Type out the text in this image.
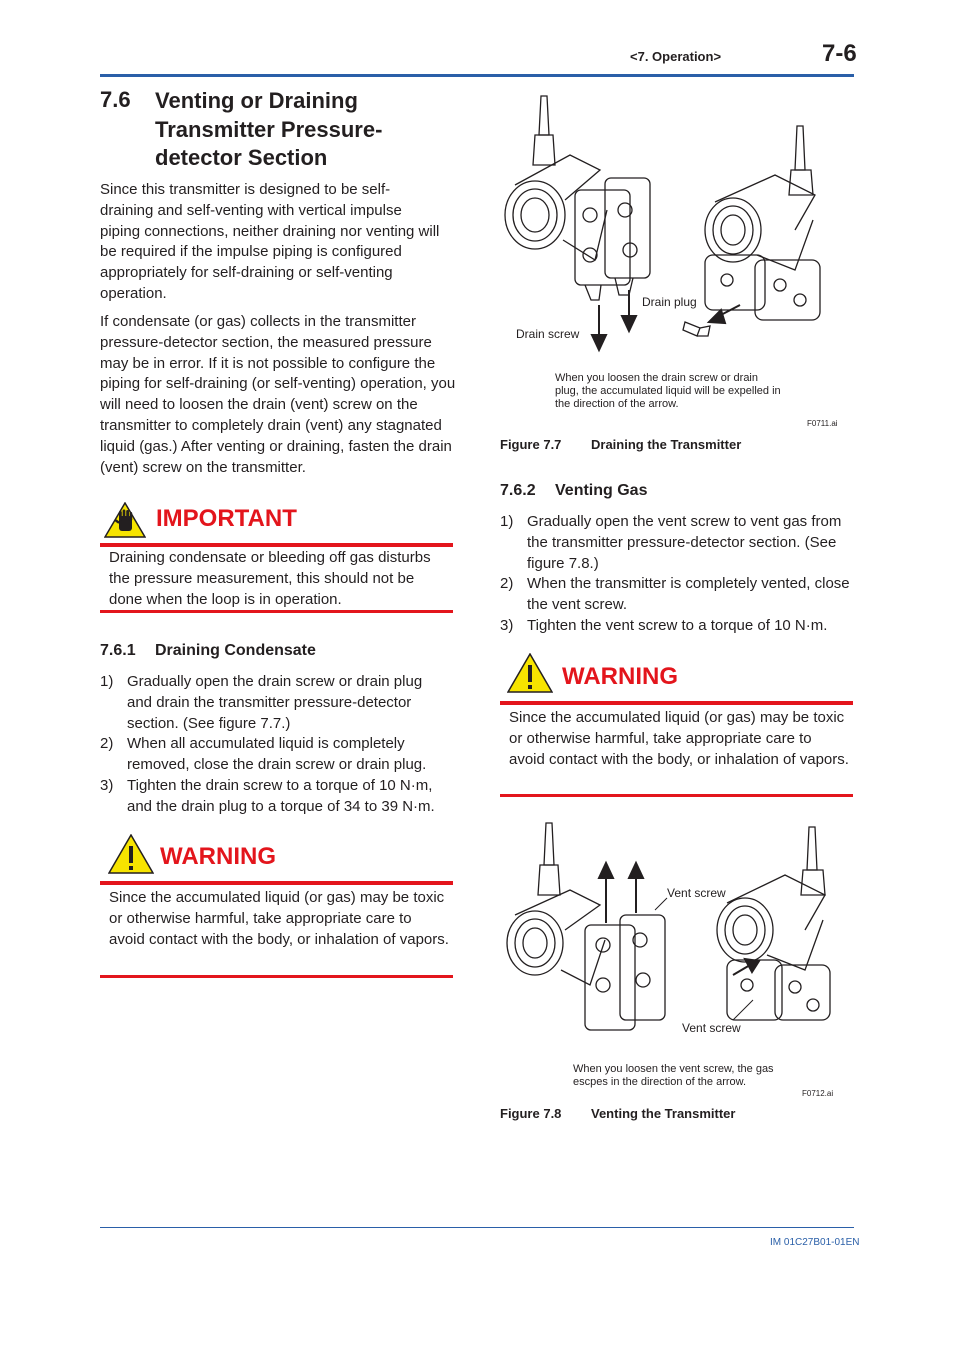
<7. Operation>	7-6
7.6 Venting or Draining
Transmitter Pressure-
detector Section
Since this transmitter is designed to be self-draining and self-venting with vertical impulse piping connections, neither draining nor venting will be required if the impulse piping is configured appropriately for self-draining or self-venting operation.
If condensate (or gas) collects in the transmitter pressure-detector section, the measured pressure may be in error. If it is not possible to configure the piping for self-draining (or self-venting) operation, you will need to loosen the drain (vent) screw on the transmitter to completely drain (vent) any stagnated liquid (gas.) After venting or draining, fasten the drain (vent) screw on the transmitter.
IMPORTANT
Draining condensate or bleeding off gas disturbs the pressure measurement, this should not be done when the loop is in operation.
7.6.1 Draining Condensate
1) Gradually open the drain screw or drain plug and drain the transmitter pressure-detector section. (See figure 7.7.)
2) When all accumulated liquid is completely removed, close the drain screw or drain plug.
3) Tighten the drain screw to a torque of 10 N·m, and the drain plug to a torque of 34 to 39 N·m.
WARNING
Since the accumulated liquid (or gas) may be toxic or otherwise harmful, take appropriate care to avoid contact with the body, or inhalation of vapors.
Drain plug
Drain screw
When you loosen the drain screw or drain plug, the accumulated liquid will be expelled in the direction of the arrow.
F0711.ai
Figure 7.7 Draining the Transmitter
7.6.2 Venting Gas
1) Gradually open the vent screw to vent gas from the transmitter pressure-detector section. (See figure 7.8.)
2) When the transmitter is completely vented, close the vent screw.
3) Tighten the vent screw to a torque of 10 N·m.
WARNING
Since the accumulated liquid (or gas) may be toxic or otherwise harmful, take appropriate care to avoid contact with the body, or inhalation of vapors.
Vent screw
Vent screw
When you loosen the vent screw, the gas escpes in the direction of the arrow.
F0712.ai
Figure 7.8 Venting the Transmitter
IM 01C27B01-01EN
